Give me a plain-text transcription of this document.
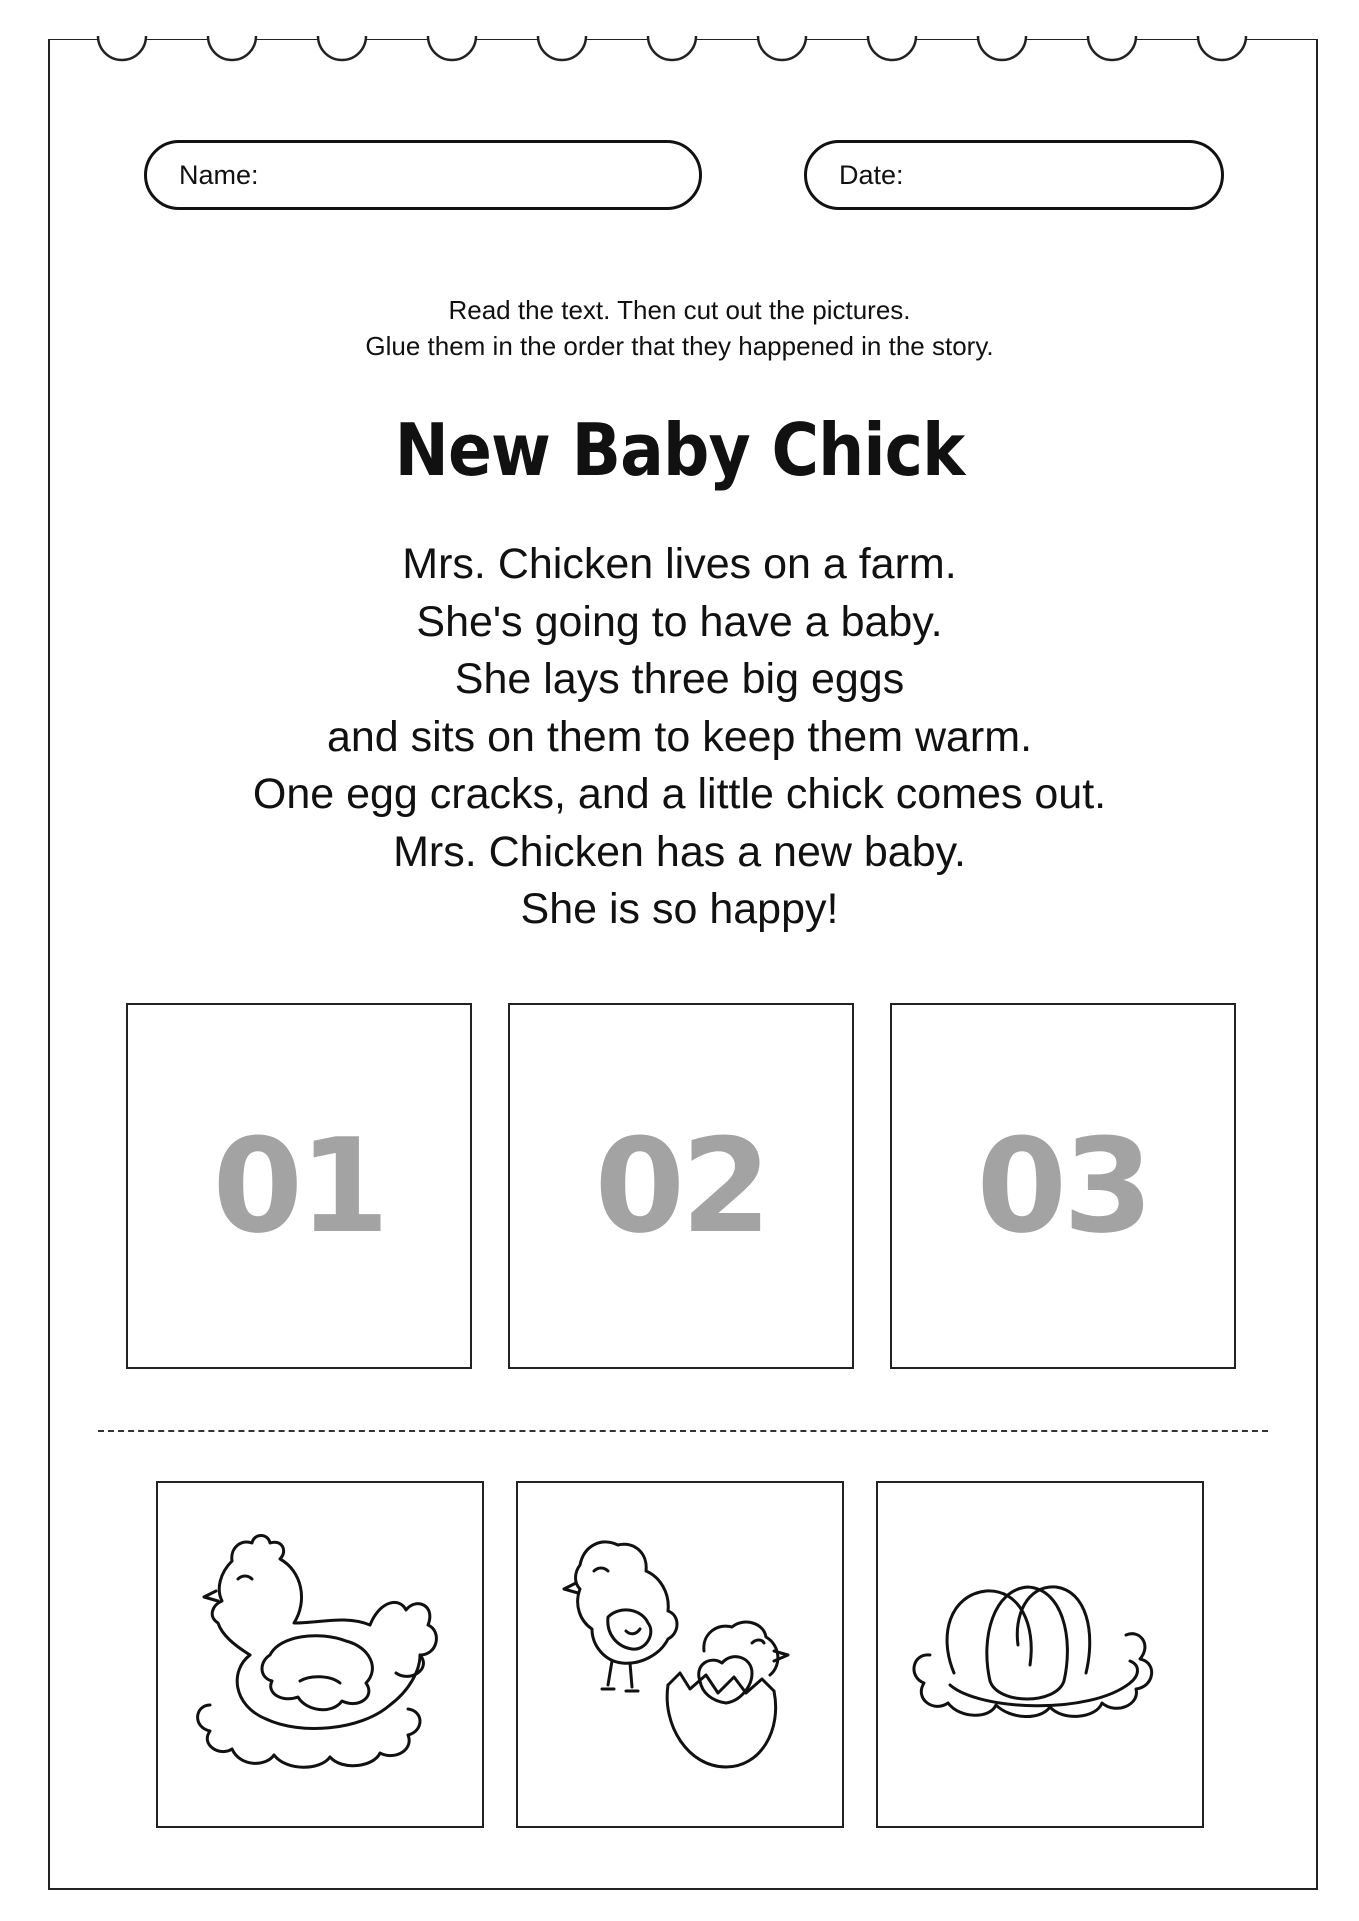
Name:	Date:
Read the text. Then cut out the pictures.
Glue them in the order that they happened in the story.
New Baby Chick
Mrs. Chicken lives on a farm.
She's going to have a baby.
She lays three big eggs
and sits on them to keep them warm.
One egg cracks, and a little chick comes out.
Mrs. Chicken has a new baby.
She is so happy!
01 02 03
